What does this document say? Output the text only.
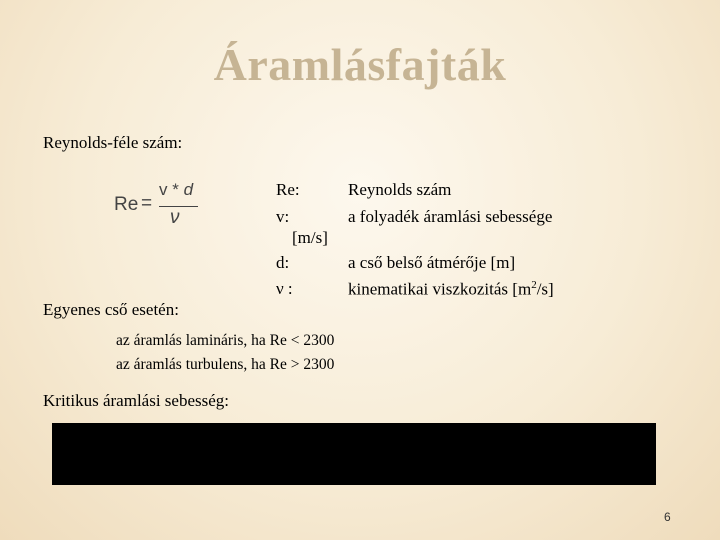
Áramlásfajták
Reynolds-féle szám:
Re =
v * d
ν
Re:	Reynolds szám
v:	a folyadék áramlási sebessége
[m/s]
d:	a cső belső átmérője [m]
ν :	kinematikai viszkozitás $[m^2/s]$
Egyenes cső esetén:
az áramlás lamináris, ha Re < 2300
az áramlás turbulens, ha Re > 2300
Kritikus áramlási sebesség:
6
